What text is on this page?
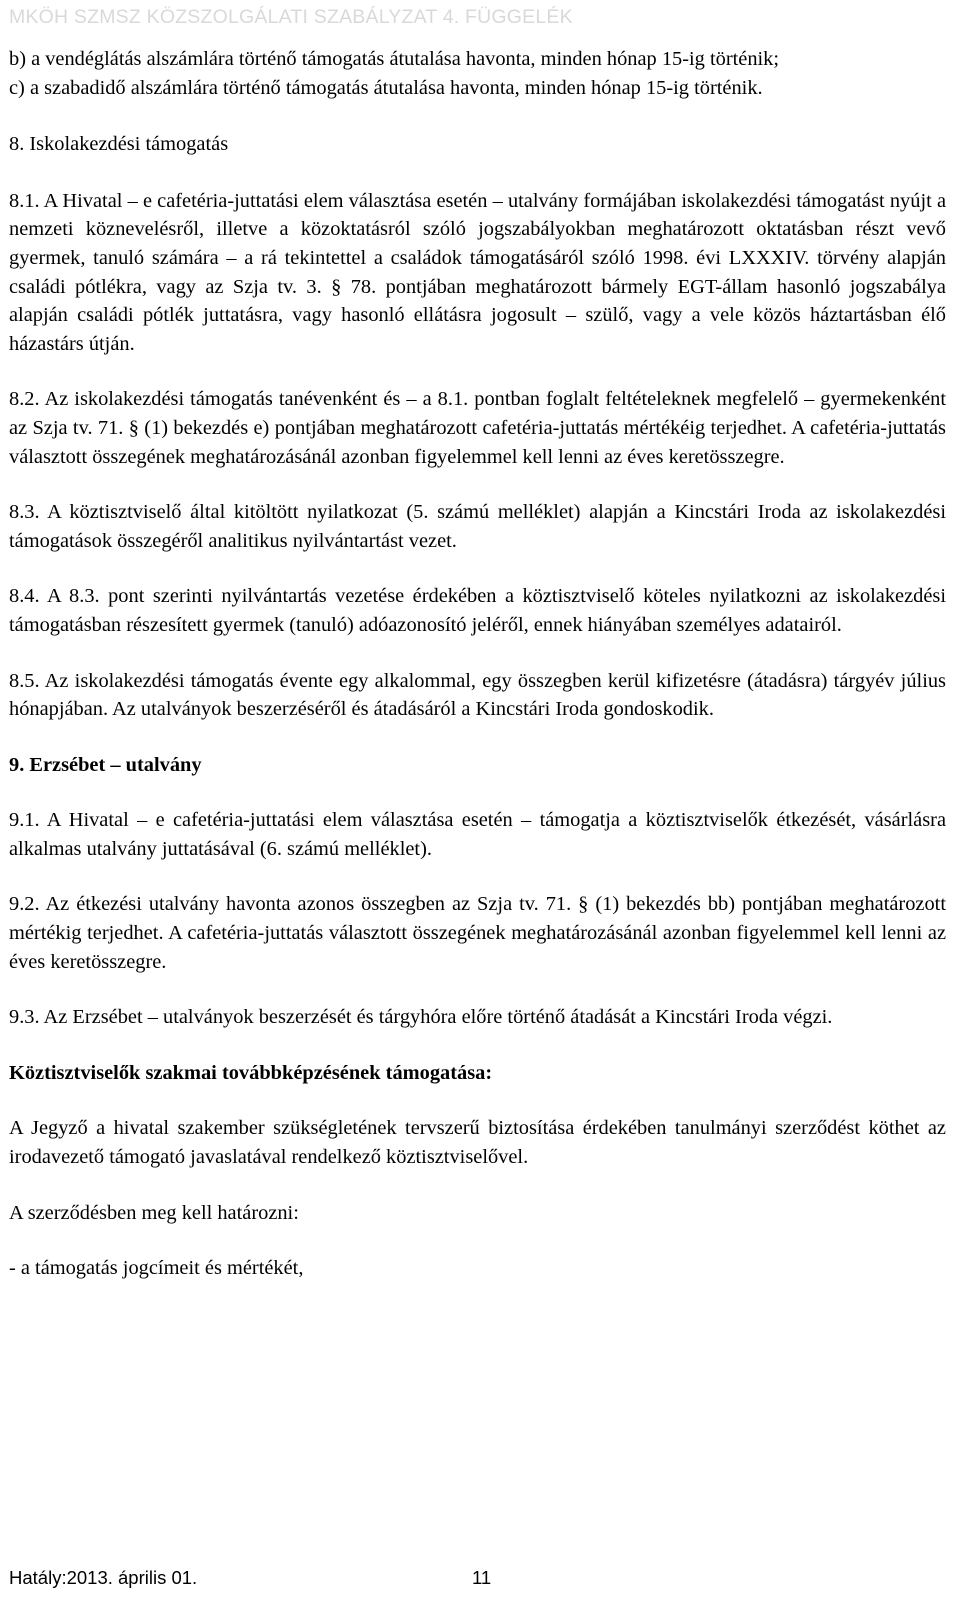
MKÖH SZMSZ KÖZSZOLGÁLATI SZABÁLYZAT 4. FÜGGELÉK

b) a vendéglátás alszámlára történő támogatás átutalása havonta, minden hónap 15-ig történik;

c) a szabadidő alszámlára történő támogatás átutalása havonta, minden hónap 15-ig történik.

8. Iskolakezdési támogatás

8.1. A Hivatal – e cafetéria-juttatási elem választása esetén – utalvány formájában iskolakezdési támogatást nyújt a nemzeti köznevelésről, illetve a közoktatásról szóló jogszabályokban meghatározott oktatásban részt vevő gyermek, tanuló számára – a rá tekintettel a családok támogatásáról szóló 1998. évi LXXXIV. törvény alapján családi pótlékra, vagy az Szja tv. 3. § 78. pontjában meghatározott bármely EGT-állam hasonló jogszabálya alapján családi pótlék juttatásra, vagy hasonló ellátásra jogosult – szülő, vagy a vele közös háztartásban élő házastárs útján.

8.2. Az iskolakezdési támogatás tanévenként és – a 8.1. pontban foglalt feltételeknek megfelelő – gyermekenként az Szja tv. 71. § (1) bekezdés e) pontjában meghatározott cafetéria-juttatás mértékéig terjedhet. A cafetéria-juttatás választott összegének meghatározásánál azonban figyelemmel kell lenni az éves keretösszegre.

8.3. A köztisztviselő által kitöltött nyilatkozat (5. számú melléklet) alapján a Kincstári Iroda az iskolakezdési támogatások összegéről analitikus nyilvántartást vezet.

8.4. A 8.3. pont szerinti nyilvántartás vezetése érdekében a köztisztviselő köteles nyilatkozni az iskolakezdési támogatásban részesített gyermek (tanuló) adóazonosító jeléről, ennek hiányában személyes adatairól.

8.5. Az iskolakezdési támogatás évente egy alkalommal, egy összegben kerül kifizetésre (átadásra) tárgyév július hónapjában. Az utalványok beszerzéséről és átadásáról a Kincstári Iroda gondoskodik.

9. Erzsébet – utalvány

9.1. A Hivatal – e cafetéria-juttatási elem választása esetén – támogatja a köztisztviselők étkezését, vásárlásra alkalmas utalvány juttatásával (6. számú melléklet).

9.2. Az étkezési utalvány havonta azonos összegben az Szja tv. 71. § (1) bekezdés bb) pontjában meghatározott mértékig terjedhet. A cafetéria-juttatás választott összegének meghatározásánál azonban figyelemmel kell lenni az éves keretösszegre.

9.3. Az Erzsébet – utalványok beszerzését és tárgyhóra előre történő átadását a Kincstári Iroda végzi.

Köztisztviselők szakmai továbbképzésének támogatása:

A Jegyző a hivatal szakember szükségletének tervszerű biztosítása érdekében tanulmányi szerződést köthet az irodavezető támogató javaslatával rendelkező köztisztviselővel.

A szerződésben meg kell határozni:

- a támogatás jogcímeit és mértékét,

Hatály:2013. április 01.	11
